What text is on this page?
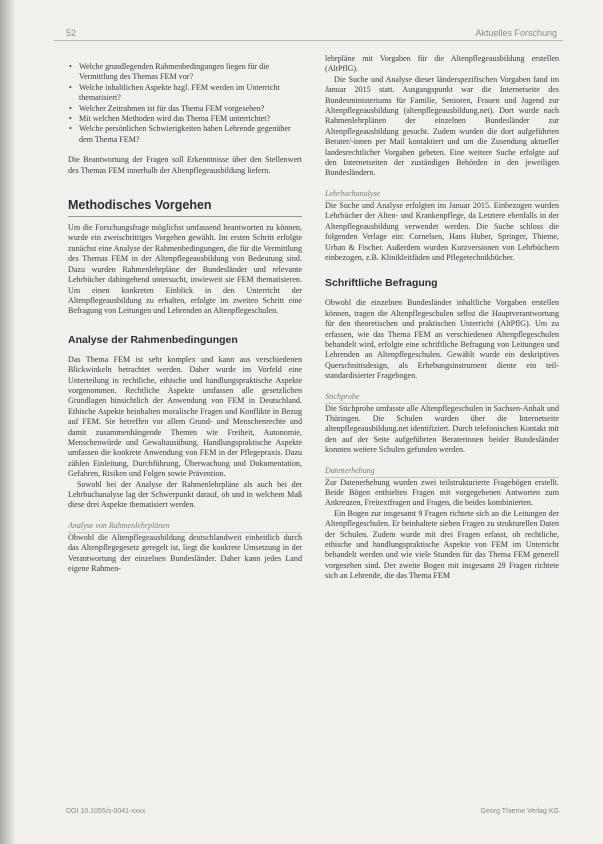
52	Aktuelles Forschung
• Welche grundlegenden Rahmenbedingungen liegen für die Vermittlung des Themas FEM vor?
• Welche inhaltlichen Aspekte bzgl. FEM werden im Unterricht thematisiert?
• Welcher Zeitrahmen ist für das Thema FEM vorgesehen?
• Mit welchen Methoden wird das Thema FEM unterrichtet?
• Welche persönlichen Schwierigkeiten haben Lehrende gegenüber dem Thema FEM?

Die Beantwortung der Fragen soll Erkenntnisse über den Stellenwert des Themas FEM innerhalb der Altenpflegeausbildung liefern.

Methodisches Vorgehen

Um die Forschungsfrage möglichst umfassend beantworten zu können, wurde ein zweischrittiges Vorgehen gewählt. Im ersten Schritt erfolgte zunächst eine Analyse der Rahmenbedingungen, die für die Vermittlung des Themas FEM in der Altenpflegeausbildung von Bedeutung sind. Dazu wurden Rahmenlehrpläne der Bundesländer und relevante Lehrbücher dahingehend untersucht, inwieweit sie FEM thematisieren. Um einen konkreten Einblick in den Unterricht der Altenpflegeausbildung zu erhalten, erfolgte im zweiten Schritt eine Befragung von Leitungen und Lehrenden an Altenpflegeschulen.

Analyse der Rahmenbedingungen

Das Thema FEM ist sehr komplex und kann aus verschiedenen Blickwinkeln betrachtet werden. Daher wurde im Vorfeld eine Unterteilung in rechtliche, ethische und handlungspraktische Aspekte vorgenommen. Rechtliche Aspekte umfassen alle gesetzlichen Grundlagen hinsichtlich der Anwendung von FEM in Deutschland. Ethische Aspekte beinhalten moralische Fragen und Konflikte in Bezug auf FEM. Sie betreffen vor allem Grund- und Menschenrechte und damit zusammenhängende Themen wie Freiheit, Autonomie, Menschenwürde und Gewaltausübung. Handlungspraktische Aspekte umfassen die konkrete Anwendung von FEM in der Pflegepraxis. Dazu zählen Einleitung, Durchführung, Überwachung und Dokumentation, Gefahren, Risiken und Folgen sowie Prävention.

Sowohl bei der Analyse der Rahmenlehrpläne als auch bei der Lehrbuchanalyse lag der Schwerpunkt darauf, ob und in welchem Maß diese drei Aspekte thematisiert werden.

Analyse von Rahmenlehrplänen

Obwohl die Altenpflegeausbildung deutschlandweit einheitlich durch das Altenpflegegesetz geregelt ist, liegt die konkrete Umsetzung in der Verantwortung der einzelnen Bundesländer. Daher kann jedes Land eigene Rahmen-

lehrpläne mit Vorgaben für die Altenpflegeausbildung erstellen (AltPflG).

Die Suche und Analyse dieser länderspezifischen Vorgaben fand im Januar 2015 statt. Ausgangspunkt war die Internetseite des Bundesministeriums für Familie, Senioren, Frauen und Jugend zur Altenpflegeausbildung (altenpflegeausbildung.net). Dort wurde nach Rahmenlehrplänen der einzelnen Bundesländer zur Altenpflegeausbildung gesucht. Zudem wurden die dort aufgeführten Berater/-innen per Mail kontaktiert und um die Zusendung aktueller landesrechtlicher Vorgaben gebeten. Eine weitere Suche erfolgte auf den Internetseiten der zuständigen Behörden in den jeweiligen Bundesländern.

Lehrbuchanalyse

Die Suche und Analyse erfolgten im Januar 2015. Einbezogen wurden Lehrbücher der Alten- und Krankenpflege, da Letztere ebenfalls in der Altenpflegeausbildung verwendet werden. Die Suche schloss die folgenden Verlage ein: Cornelsen, Hans Huber, Springer, Thieme, Urban & Fischer. Außerdem wurden Kurzversionen von Lehrbüchern einbezogen, z.B. Klinikleitfäden und Pflegetechnikbücher.

Schriftliche Befragung

Obwohl die einzelnen Bundesländer inhaltliche Vorgaben erstellen können, tragen die Altenpflegeschulen selbst die Hauptverantwortung für den theoretischen und praktischen Unterricht (AltPflG). Um zu erfassen, wie das Thema FEM an verschiedenen Altenpflegeschulen behandelt wird, erfolgte eine schriftliche Befragung von Leitungen und Lehrenden an Altenpflegeschulen. Gewählt wurde ein deskriptives Querschnittsdesign, als Erhebungsinstrument diente ein teil-standardisierter Fragebogen.

Stichprobe

Die Stichprobe umfasste alle Altenpflegeschulen in Sachsen-Anhalt und Thüringen. Die Schulen wurden über die Internetseite altenpflegeausbildung.net identifiziert. Durch telefonischen Kontakt mit den auf der Seite aufgeführten Beraterinnen beider Bundesländer konnten weitere Schulen gefunden werden.

Datenerhebung

Zur Datenerhebung wurden zwei teilstrukturierte Fragebögen erstellt. Beide Bögen enthielten Fragen mit vorgegebenen Antworten zum Ankreuzen, Freitextfragen und Fragen, die beides kombinierten.

Ein Bogen zur insgesamt 9 Fragen richtete sich an die Leitungen der Altenpflegeschulen. Er beinhaltete sieben Fragen zu strukturellen Daten der Schulen. Zudem wurde mit drei Fragen erfasst, ob rechtliche, ethische und handlungspraktische Aspekte von FEM im Unterricht behandelt werden und wie viele Stunden für das Thema FEM generell vorgesehen sind. Der zweite Bogen mit insgesamt 29 Fragen richtete sich an Lehrende, die das Thema FEM

DOI 10.1055/s-0041-xxxx	Georg Thieme Verlag KG
